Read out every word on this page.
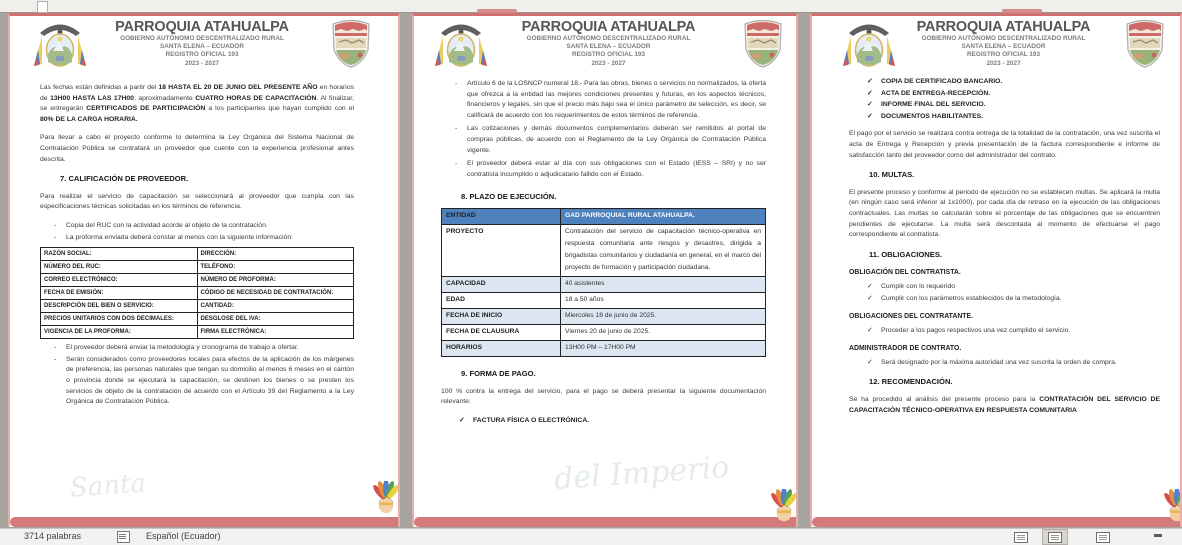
Santa
PARROQUIA ATAHUALPA
GOBIERNO AUTÓNOMO DESCENTRALIZADO RURAL
SANTA ELENA – ECUADOR
REGISTRO OFICIAL 193
2023 - 2027

Las fechas están definidas a partir del 18 HASTA EL 20 DE JUNIO DEL PRESENTE AÑO en horarios de 13H00 HASTA LAS 17H00; aproximadamente CUATRO HORAS DE CAPACITACIÓN. Al finalizar, se entregarán CERTIFICADOS DE PARTICIPACIÓN a los participantes que hayan cumplido con el 80% DE LA CARGA HORARIA.

Para llevar a cabo el proyecto conforme lo determina la Ley Orgánica del Sistema Nacional de Contratación Pública se contratará un proveedor que cuente con la experiencia profesional antes descrita.

7. CALIFICACIÓN DE PROVEEDOR.

Para realizar el servicio de capacitación se seleccionará al proveedor que cumpla con las especificaciones técnicas solicitadas en los términos de referencia.

- Copia del RUC con la actividad acorde al objeto de la contratación.
- La proforma enviada deberá constar al menos con la siguiente información:
RAZÓN SOCIAL:	DIRECCIÓN:
NÚMERO DEL RUC:	TELÉFONO:
CORREO ELECTRÓNICO:	NÚMERO DE PROFORMA:
FECHA DE EMISIÓN:	CÓDIGO DE NECESIDAD DE CONTRATACIÓN:
DESCRIPCIÓN DEL BIEN O SERVICIO:	CANTIDAD:
PRECIOS UNITARIOS CON DOS DECIMALES:	DESGLOSE DEL IVA:
VIGENCIA DE LA PROFORMA:	FIRMA ELECTRÓNICA:
- El proveedor deberá enviar la metodología y cronograma de trabajo a ofertar.
- Serán considerados como proveedores locales para efectos de la aplicación de los márgenes de preferencia, las personas naturales que tengan su domicilio al menos 6 meses en el cantón o provincia donde se ejecutará la capacitación, se destinen los bienes o se presten los servicios de objeto de la contratación de acuerdo con el Artículo 39 del Reglamento a la Ley Orgánica de Contratación Pública.
del Imperio
PARROQUIA ATAHUALPA
GOBIERNO AUTÓNOMO DESCENTRALIZADO RURAL
SANTA ELENA – ECUADOR
REGISTRO OFICIAL 193
2023 - 2027
- Artículo 6 de la LOSNCP numeral 18.- Para las obras, bienes o servicios no normalizados, la oferta que ofrezca a la entidad las mejores condiciones presentes y futuras, en los aspectos técnicos, financieros y legales, sin que el precio más bajo sea el único parámetro de selección, es decir, se calificará de acuerdo con los requerimientos de estos términos de referencia.
- Las cotizaciones y demás documentos complementarios deberán ser remitidos al portal de compras públicas, de acuerdo con el Reglamento de la Ley Orgánica de Contratación Pública vigente.
- El proveedor deberá estar al día con sus obligaciones con el Estado (IESS – SRI) y no ser contratista incumplido o adjudicatario fallido con el Estado.
8. PLAZO DE EJECUCIÓN.
ENTIDAD	GAD PARROQUIAL RURAL ATAHUALPA.
PROYECTO	Contratación del servicio de capacitación técnico-operativa en respuesta comunitaria ante riesgos y desastres, dirigida a brigadistas comunitarios y ciudadanía en general, en el marco del proyecto de formación y participación ciudadana.
CAPACIDAD	40 asistentes
EDAD	18 a 50 años
FECHA DE INICIO	Miercoles 18 de junio de 2025.
FECHA DE CLAUSURA	Viernes 20 de junio de 2025.
HORARIOS	13H00 PM – 17H00 PM
9. FORMA DE PAGO.

100 % contra la entrega del servicio, para el pago se deberá presentar la siguiente documentación relevante:

✓ FACTURA FÍSICA O ELECTRÓNICA.
PARROQUIA ATAHUALPA
GOBIERNO AUTÓNOMO DESCENTRALIZADO RURAL
SANTA ELENA – ECUADOR
REGISTRO OFICIAL 193
2023 - 2027
✓ COPIA DE CERTIFICADO BANCARIO.
✓ ACTA DE ENTREGA-RECEPCIÓN.
✓ INFORME FINAL DEL SERVICIO.
✓ DOCUMENTOS HABILITANTES.

El pago por el servicio se realizará contra entrega de la totalidad de la contratación, una vez suscrita el acta de Entrega y Recepción y previa presentación de la factura correspondiente e informe de satisfacción tanto del proveedor como del administrador del contrato.

10. MULTAS.

El presente proceso y conforme al periodo de ejecución no se establecen multas. Se aplicará la multa (en ningún caso será inferior al 1x1000), por cada día de retraso en la ejecución de las obligaciones contractuales. Las multas se calcularán sobre el porcentaje de las obligaciones que se encuentren pendientes de ejecutarse. La multa será descontada al momento de efectuarse el pago correspondiente al contratista.

11. OBLIGACIONES.
OBLIGACIÓN DEL CONTRATISTA.
✓ Cumplir con lo requerido
✓ Cumplir con los parámetros establecidos de la metodología.
OBLIGACIONES DEL CONTRATANTE.
✓ Proceder a los pagos respectivos una vez cumplido el servicio.
ADMINISTRADOR DE CONTRATO.
✓ Será designado por la máxima autoridad una vez suscrita la orden de compra.
12. RECOMENDACIÓN.

Se ha procedido al análisis del presente proceso para la CONTRATACIÓN DEL SERVICIO DE CAPACITACIÓN TÉCNICO-OPERATIVA EN RESPUESTA COMUNITARIA

3714 palabras	Español (Ecuador)
